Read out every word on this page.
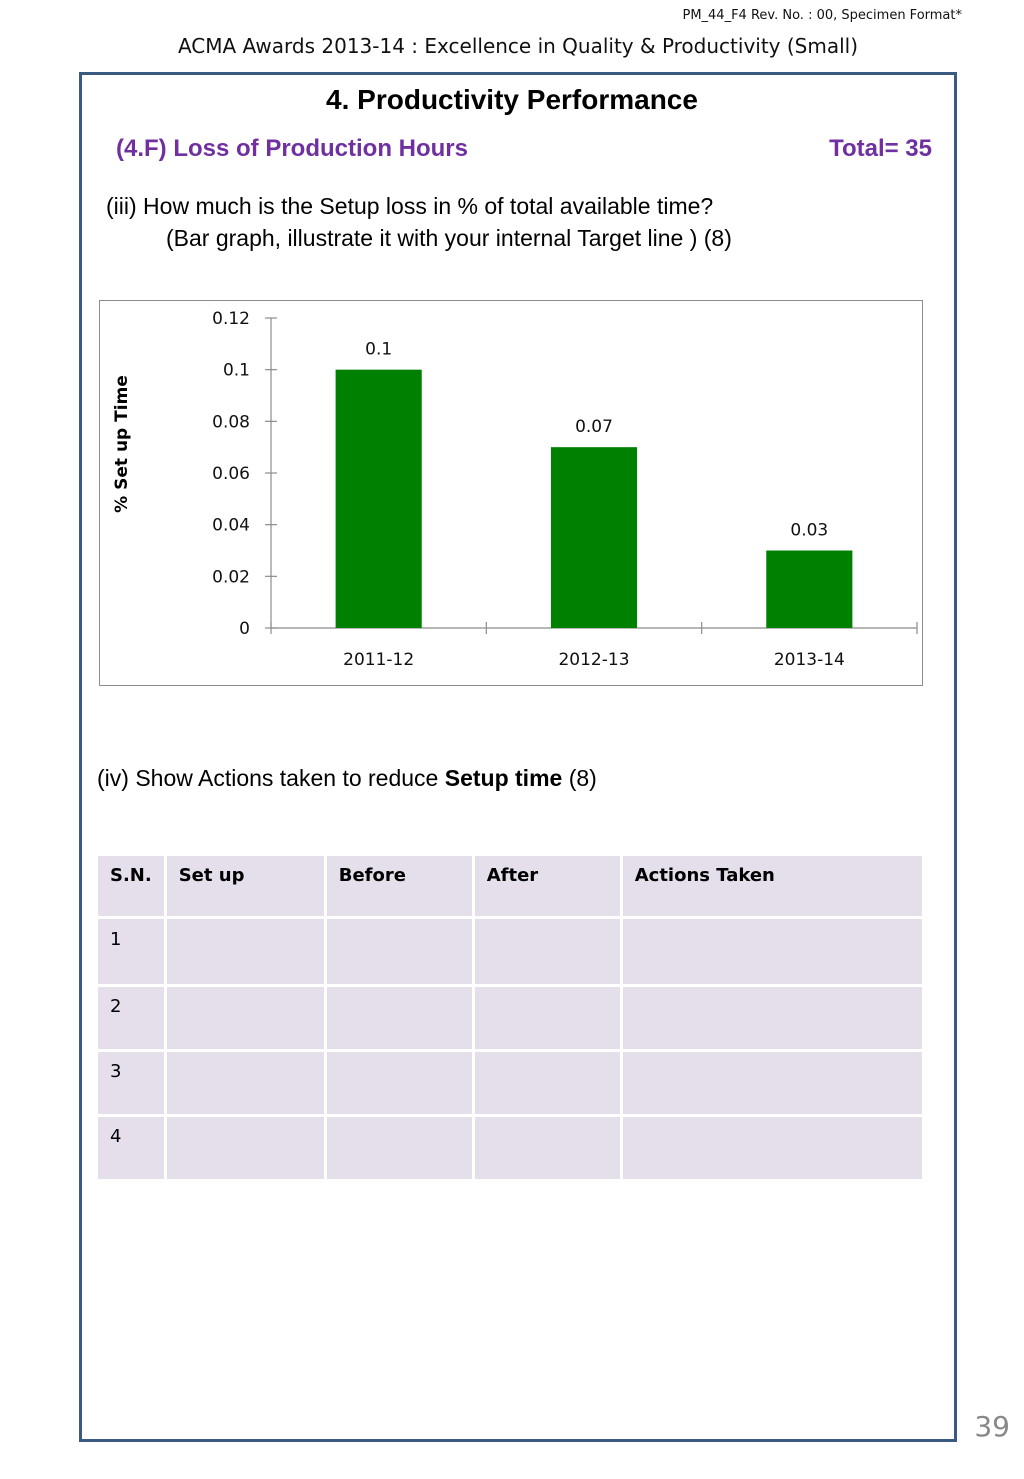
PM_44_F4 Rev. No. : 00, Specimen Format*
ACMA Awards 2013-14 : Excellence in Quality & Productivity (Small)
4. Productivity Performance
(4.F) Loss of Production Hours	Total= 35
(iii) How much is the Setup loss in % of total available time?
(Bar graph, illustrate it with your internal Target line ) (8)
0
0.02
0.04
0.06
0.08
0.1
0.12
0.1
2011-12
0.07
2012-13
0.03
2013-14
% Set up Time
(iv) Show Actions taken to reduce Setup time (8)
S.N.	Set up	Before	After	Actions Taken
1				
2				
3				
4				
39
